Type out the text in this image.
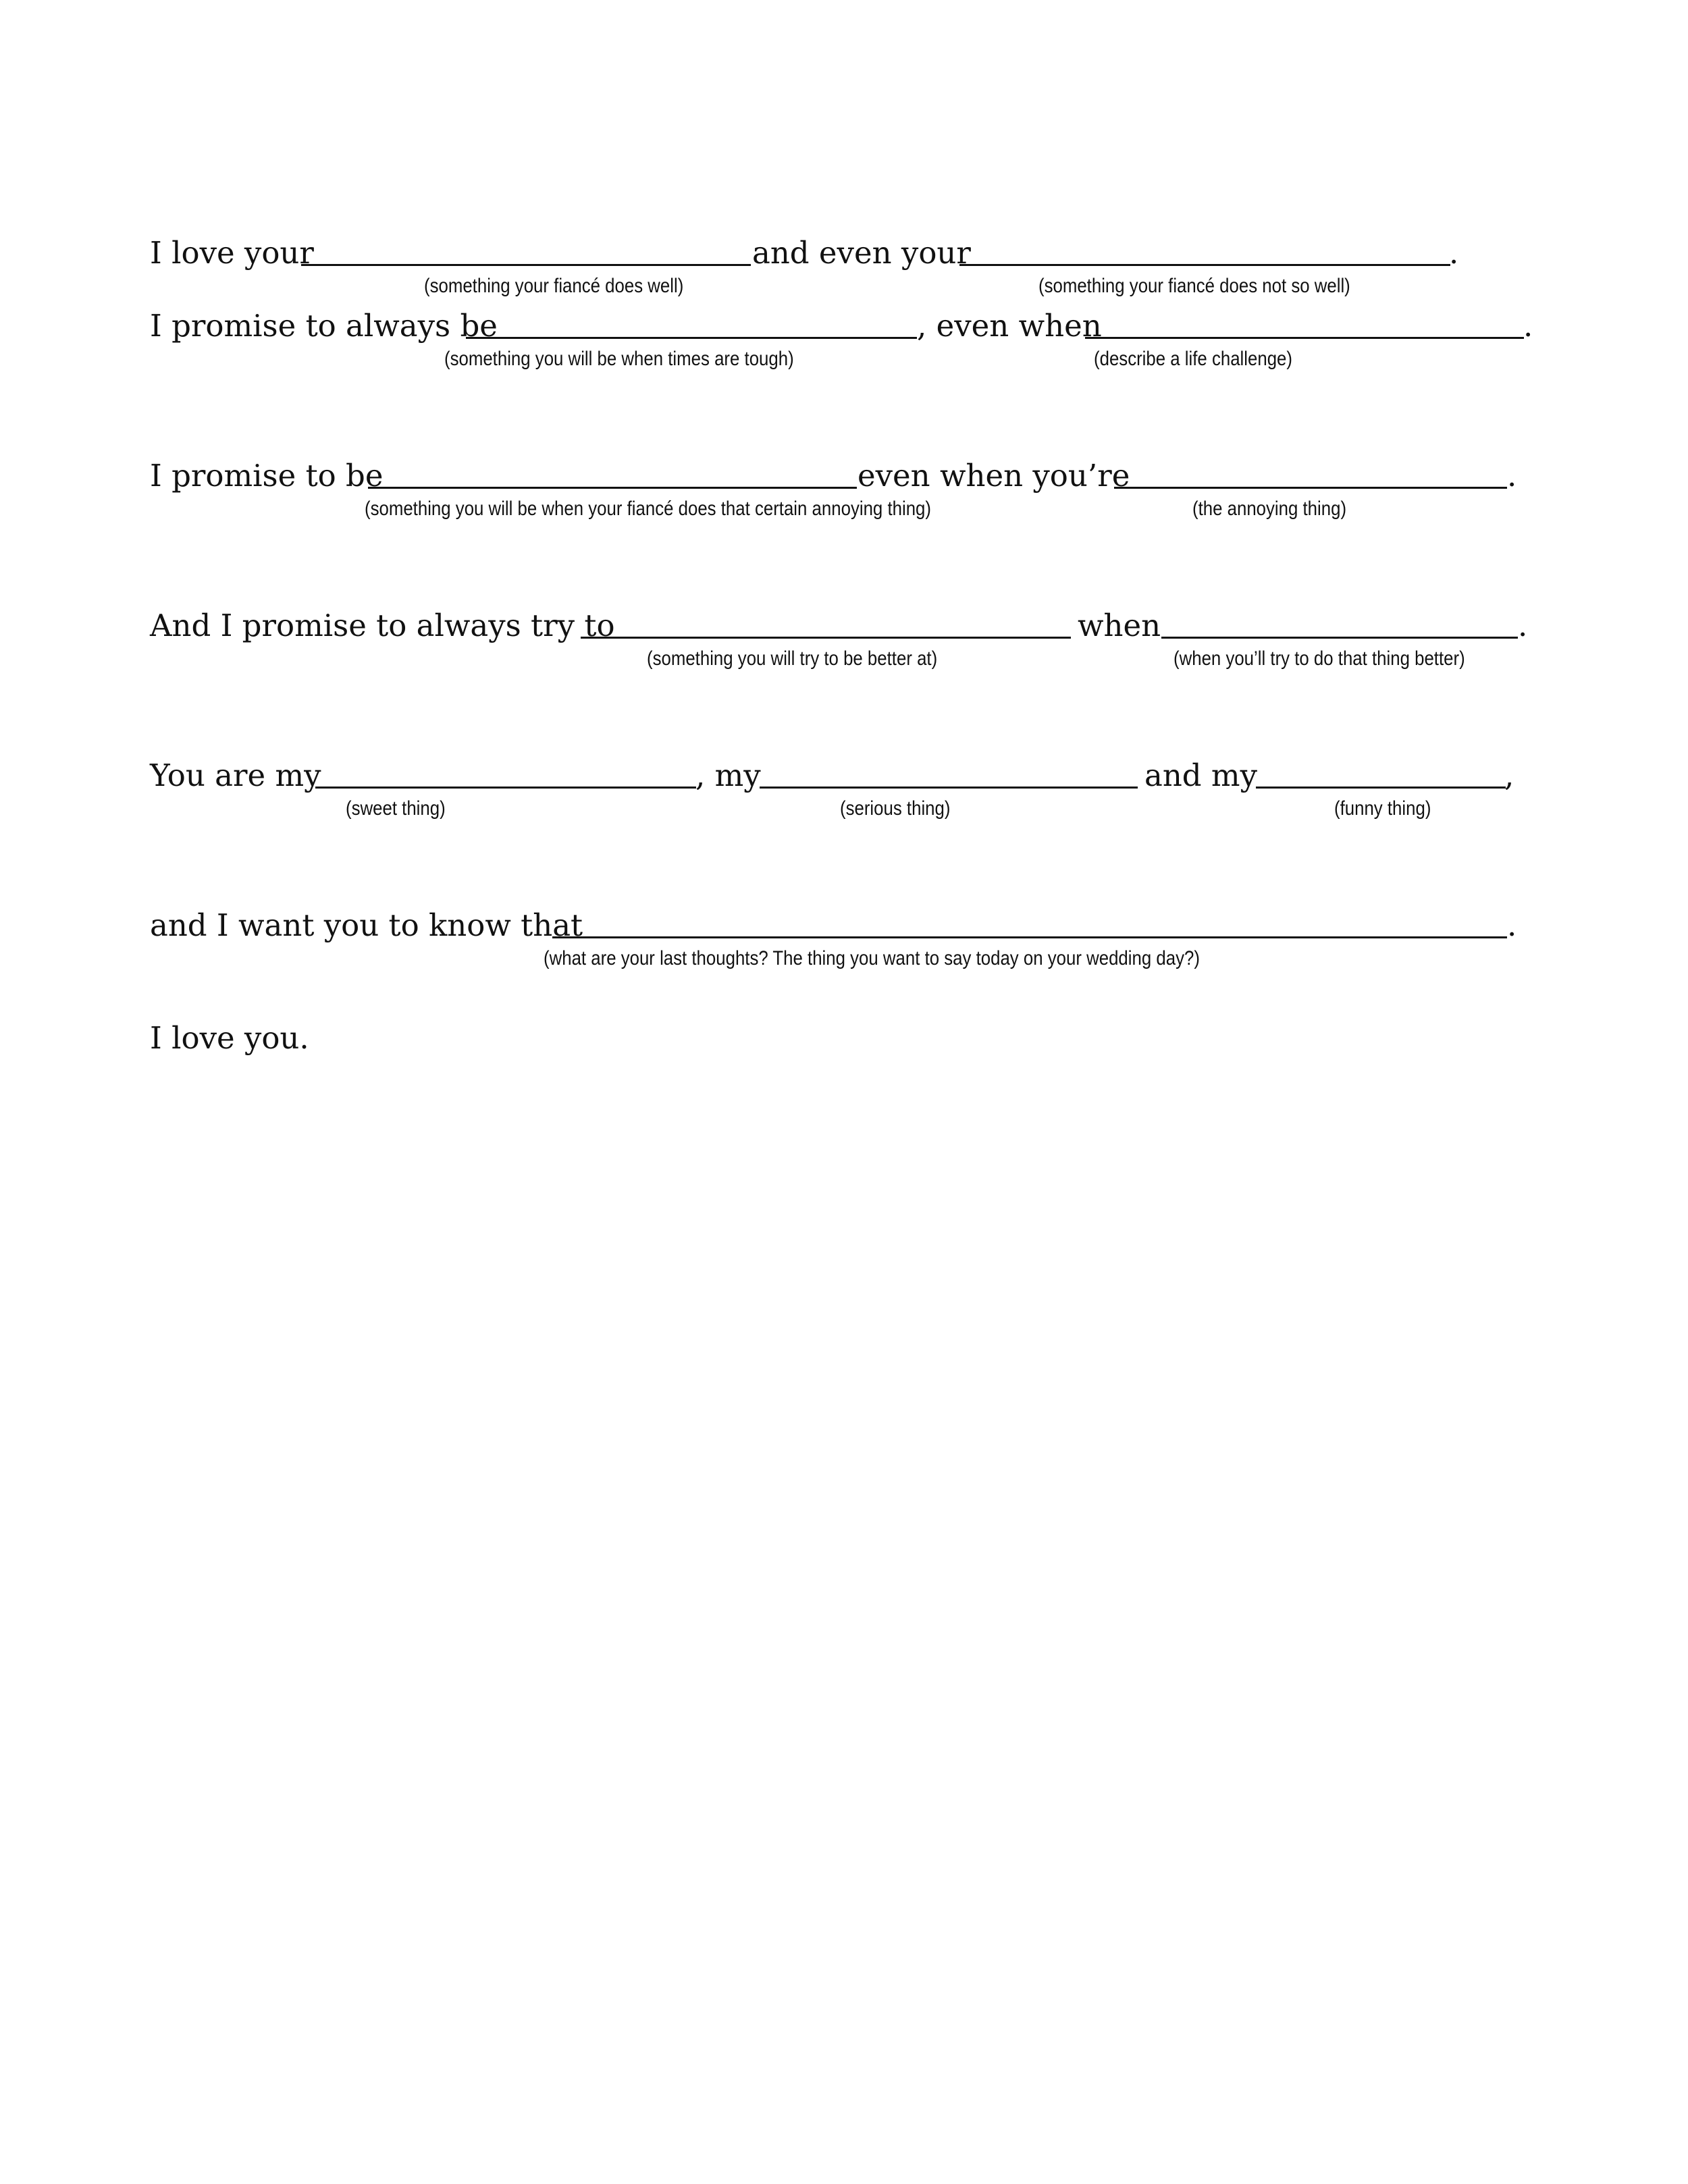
I love your	and even your	.
(something your fiancé does well)	(something your fiancé does not so well)
I promise to always be	, even when	.
(something you will be when times are tough)	(describe a life challenge)
I promise to be	even when you’re	.
(something you will be when your fiancé does that certain annoying thing)	(the annoying thing)
And I promise to always try to	when	.
(something you will try to be better at)	(when you’ll try to do that thing better)
You are my	, my	and my	,
(sweet thing)	(serious thing)	(funny thing)
and I want you to know that	.
(what are your last thoughts? The thing you want to say today on your wedding day?)
I love you.
